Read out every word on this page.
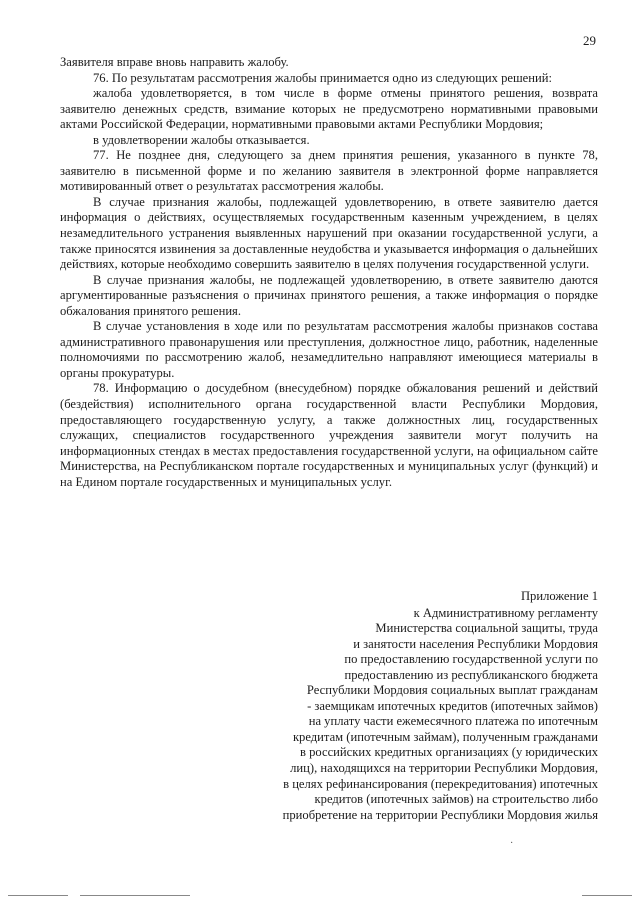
29

Заявителя вправе вновь направить жалобу.

76. По результатам рассмотрения жалобы принимается одно из следующих решений:

жалоба удовлетворяется, в том числе в форме отмены принятого решения, возврата заявителю денежных средств, взимание которых не предусмотрено нормативными правовыми актами Российской Федерации, нормативными правовыми актами Республики Мордовия;

в удовлетворении жалобы отказывается.

77. Не позднее дня, следующего за днем принятия решения, указанного в пункте 78, заявителю в письменной форме и по желанию заявителя в электронной форме направляется мотивированный ответ о результатах рассмотрения жалобы.

В случае признания жалобы, подлежащей удовлетворению, в ответе заявителю дается информация о действиях, осуществляемых государственным казенным учреждением, в целях незамедлительного устранения выявленных нарушений при оказании государственной услуги, а также приносятся извинения за доставленные неудобства и указывается информация о дальнейших действиях, которые необходимо совершить заявителю в целях получения государственной услуги.

В случае признания жалобы, не подлежащей удовлетворению, в ответе заявителю даются аргументированные разъяснения о причинах принятого решения, а также информация о порядке обжалования принятого решения.

В случае установления в ходе или по результатам рассмотрения жалобы признаков состава административного правонарушения или преступления, должностное лицо, работник, наделенные полномочиями по рассмотрению жалоб, незамедлительно направляют имеющиеся материалы в органы прокуратуры.

78. Информацию о досудебном (внесудебном) порядке обжалования решений и действий (бездействия) исполнительного органа государственной власти Республики Мордовия, предоставляющего государственную услугу, а также должностных лиц, государственных служащих, специалистов государственного учреждения заявители могут получить на информационных стендах в местах предоставления государственной услуги, на официальном сайте Министерства, на Республиканском портале государственных и муниципальных услуг (функций) и на Едином портале государственных и муниципальных услуг.

Приложение 1
к Административному регламенту
Министерства социальной защиты, труда
и занятости населения Республики Мордовия
по предоставлению государственной услуги по
предоставлению из республиканского бюджета
Республики Мордовия социальных выплат гражданам
- заемщикам ипотечных кредитов (ипотечных займов)
на уплату части ежемесячного платежа по ипотечным
кредитам (ипотечным займам), полученным гражданами
в российских кредитных организациях (у юридических
лиц), находящихся на территории Республики Мордовия,
в целях рефинансирования (перекредитования) ипотечных
кредитов (ипотечных займов) на строительство либо
приобретение на территории Республики Мордовия жилья
·
